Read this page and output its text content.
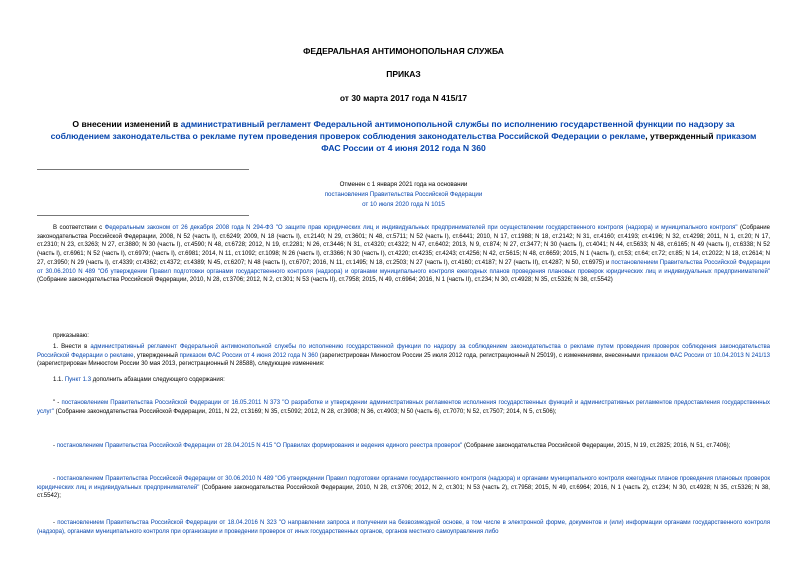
ФЕДЕРАЛЬНАЯ АНТИМОНОПОЛЬНАЯ СЛУЖБА
ПРИКАЗ
от 30 марта 2017 года N 415/17
О внесении изменений в административный регламент Федеральной антимонопольной службы по исполнению государственной функции по надзору за соблюдением законодательства о рекламе путем проведения проверок соблюдения законодательства Российской Федерации о рекламе, утвержденный приказом ФАС России от 4 июня 2012 года N 360
Отменен с 1 января 2021 года на основании
постановления Правительства Российской Федерации
от 10 июля 2020 года N 1015
В соответствии с Федеральным законом от 26 декабря 2008 года N 294-ФЗ "О защите прав юридических лиц и индивидуальных предпринимателей при осуществлении государственного контроля (надзора) и муниципального контроля" (Собрание законодательства Российской Федерации, 2008, N 52 (часть I), ст.6249; 2009, N 18 (часть I), ст.2140; N 29, ст.3601; N 48, ст.5711; N 52 (часть I), ст.6441; 2010, N 17, ст.1988; N 18, ст.2142; N 31, ст.4160; ст.4193; ст.4196; N 32, ст.4298; 2011, N 1, ст.20; N 17, ст.2310; N 23, ст.3263; N 27, ст.3880; N 30 (часть I), ст.4590; N 48, ст.6728; 2012, N 19, ст.2281; N 26, ст.3446; N 31, ст.4320; ст.4322; N 47, ст.6402; 2013, N 9, ст.874; N 27, ст.3477; N 30 (часть I), ст.4041; N 44, ст.5633; N 48, ст.6165; N 49 (часть I), ст.6338; N 52 (часть I), ст.6961; N 52 (часть I), ст.6979; (часть I), ст.6981; 2014, N 11, ст.1092; ст.1098; N 26 (часть I), ст.3366; N 30 (часть I), ст.4220; ст.4235; ст.4243; ст.4256; N 42, ст.5615; N 48, ст.6659; 2015, N 1 (часть I), ст.53; ст.64; ст.72; ст.85; N 14, ст.2022; N 18, ст.2614; N 27, ст.3950; N 29 (часть I), ст.4339; ст.4362; ст.4372; ст.4389; N 45, ст.6207; N 48 (часть I), ст.6707; 2016, N 11, ст.1495; N 18, ст.2503; N 27 (часть I), ст.4160; ст.4187; N 27 (часть II), ст.4287; N 50, ст.6975) и постановлением Правительства Российской Федерации от 30.06.2010 N 489 "Об утверждении Правил подготовки органами государственного контроля (надзора) и органами муниципального контроля ежегодных планов проведения плановых проверок юридических лиц и индивидуальных предпринимателей" (Собрание законодательства Российской Федерации, 2010, N 28, ст.3706; 2012, N 2, ст.301; N 53 (часть II), ст.7958; 2015, N 49, ст.6964; 2016, N 1 (часть II), ст.234; N 30, ст.4928; N 35, ст.5326; N 38, ст.5542)
приказываю:
1. Внести в административный регламент Федеральной антимонопольной службы по исполнению государственной функции по надзору за соблюдением законодательства о рекламе путем проведения проверок соблюдения законодательства Российской Федерации о рекламе, утвержденный приказом ФАС России от 4 июня 2012 года N 360 (зарегистрирован Минюстом России 25 июля 2012 года, регистрационный N 25019), с изменениями, внесенными приказом ФАС России от 10.04.2013 N 241/13 (зарегистрирован Минюстом России 30 мая 2013, регистрационный N 28588), следующие изменения:
1.1. Пункт 1.3 дополнить абзацами следующего содержания:
" - постановлением Правительства Российской Федерации от 16.05.2011 N 373 "О разработке и утверждении административных регламентов исполнения государственных функций и административных регламентов предоставления государственных услуг" (Собрание законодательства Российской Федерации, 2011, N 22, ст.3169; N 35, ст.5092; 2012, N 28, ст.3908; N 36, ст.4903; N 50 (часть 6), ст.7070; N 52, ст.7507; 2014, N 5, ст.506);
- постановлением Правительства Российской Федерации от 28.04.2015 N 415 "О Правилах формирования и ведения единого реестра проверок" (Собрание законодательства Российской Федерации, 2015, N 19, ст.2825; 2016, N 51, ст.7406);
- постановлением Правительства Российской Федерации от 30.06.2010 N 489 "Об утверждении Правил подготовки органами государственного контроля (надзора) и органами муниципального контроля ежегодных планов проведения плановых проверок юридических лиц и индивидуальных предпринимателей" (Собрание законодательства Российской Федерации, 2010, N 28, ст.3706; 2012, N 2, ст.301; N 53 (часть 2), ст.7958; 2015, N 49, ст.6964; 2016, N 1 (часть 2), ст.234; N 30, ст.4928; N 35, ст.5326; N 38, ст.5542);
- постановлением Правительства Российской Федерации от 18.04.2016 N 323 "О направлении запроса и получении на безвозмездной основе, в том числе в электронной форме, документов и (или) информации органами государственного контроля (надзора), органами муниципального контроля при организации и проведении проверок от иных государственных органов, органов местного самоуправления либо
